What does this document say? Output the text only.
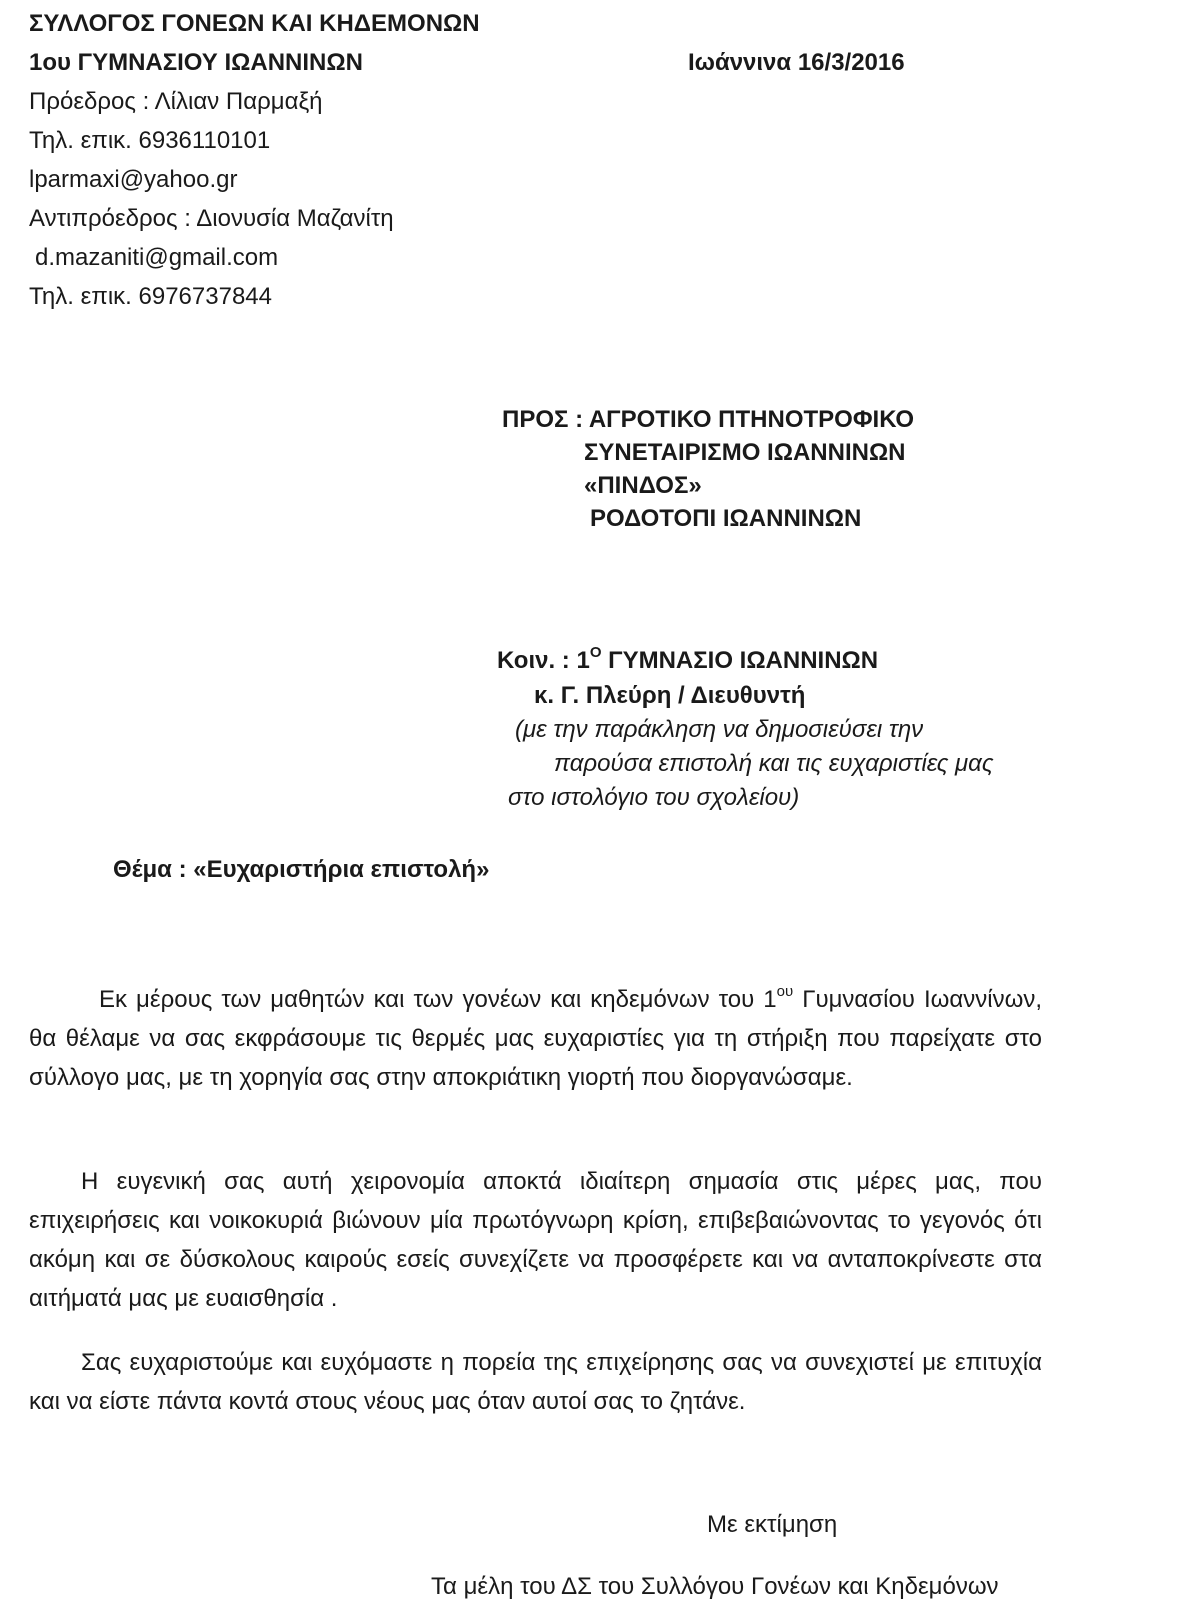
ΣΥΛΛΟΓΟΣ ΓΟΝΕΩΝ ΚΑΙ ΚΗΔΕΜΟΝΩΝ
1ου ΓΥΜΝΑΣΙΟΥ ΙΩΑΝΝΙΝΩΝ	Ιωάννινα 16/3/2016
Πρόεδρος : Λίλιαν Παρμαξή
Τηλ. επικ. 6936110101
lparmaxi@yahoo.gr
Αντιπρόεδρος : Διονυσία Μαζανίτη
d.mazaniti@gmail.com
Τηλ. επικ. 6976737844
ΠΡΟΣ : ΑΓΡΟΤΙΚΟ ΠΤΗΝΟΤΡΟΦΙΚΟ
ΣΥΝΕΤΑΙΡΙΣΜΟ ΙΩΑΝΝΙΝΩΝ
«ΠΙΝΔΟΣ»
ΡΟΔΟΤΟΠΙ ΙΩΑΝΝΙΝΩΝ
Κοιν. : $1^O$ ΓΥΜΝΑΣΙΟ ΙΩΑΝΝΙΝΩΝ
κ. Γ. Πλεύρη / Διευθυντή
(με την παράκληση να δημοσιεύσει την
παρούσα επιστολή και τις ευχαριστίες μας
στο ιστολόγιο του σχολείου)
Θέμα : «Ευχαριστήρια επιστολή»
Εκ μέρους των μαθητών και των γονέων και κηδεμόνων του $1^{o\upsilon}$ Γυμνασίου Ιωαννίνων, θα θέλαμε να σας εκφράσουμε τις θερμές μας ευχαριστίες για τη στήριξη που παρείχατε στο σύλλογο μας, με τη χορηγία σας στην αποκριάτικη γιορτή που διοργανώσαμε.
Η ευγενική σας αυτή χειρονομία αποκτά ιδιαίτερη σημασία στις μέρες μας, που επιχειρήσεις και νοικοκυριά βιώνουν μία πρωτόγνωρη κρίση, επιβεβαιώνοντας το γεγονός ότι ακόμη και σε δύσκολους καιρούς εσείς συνεχίζετε να προσφέρετε και να ανταποκρίνεστε στα αιτήματά μας με ευαισθησία .
Σας ευχαριστούμε και ευχόμαστε η πορεία της επιχείρησης σας να συνεχιστεί με επιτυχία και να είστε πάντα κοντά στους νέους μας όταν αυτοί σας το ζητάνε.
Με εκτίμηση
Τα μέλη του ΔΣ του Συλλόγου Γονέων και Κηδεμόνων
